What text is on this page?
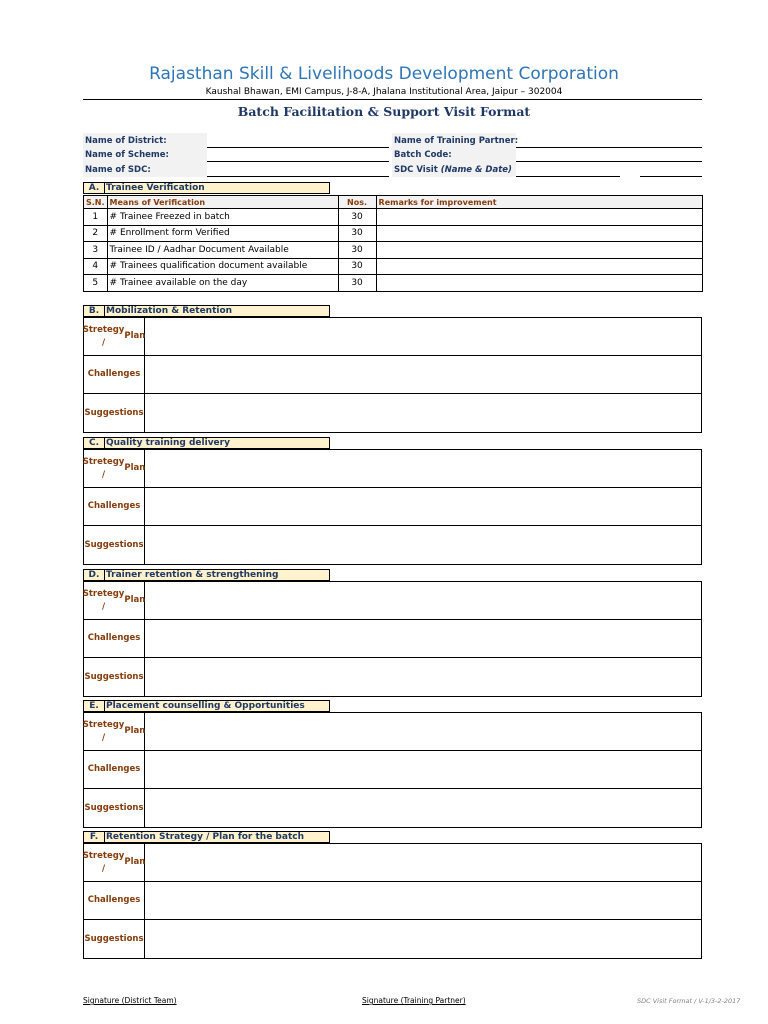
Rajasthan Skill & Livelihoods Development Corporation
Kaushal Bhawan, EMI Campus, J-8-A, Jhalana Institutional Area, Jaipur – 302004
Batch Facilitation & Support Visit Format
Name of District:
Name of Scheme:
Name of SDC:
Name of Training Partner:
Batch Code:
SDC Visit (Name & Date)
A. Trainee Verification
S.N.	Means of Verification	Nos.	Remarks for improvement
1	# Trainee Freezed in batch	30	
2	# Enrollment form Verified	30	
3	Trainee ID / Aadhar Document Available	30	
4	# Trainees qualification document available	30	
5	# Trainee available on the day	30	
B. Mobilization & Retention
Stretegy /

Plan
Challenges
Suggestions
C. Quality training delivery
Stretegy /

Plan
Challenges
Suggestions
D. Trainer retention & strengthening
Stretegy /

Plan
Challenges
Suggestions
E. Placement counselling & Opportunities
Stretegy /

Plan
Challenges
Suggestions
F. Retention Strategy / Plan for the batch
Stretegy /

Plan
Challenges
Suggestions
Signature (District Team)	Signature (Training Partner)	SDC Visit Format / V-1/3-2-2017
